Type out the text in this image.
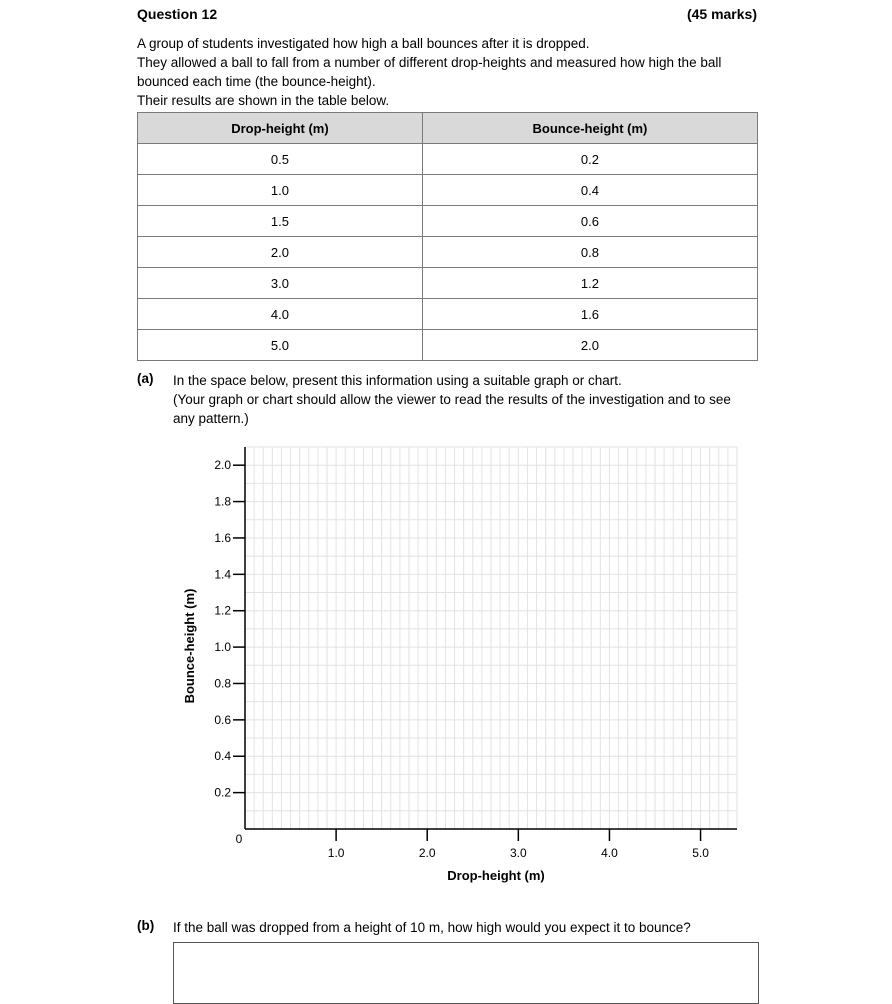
Question 12	(45 marks)

A group of students investigated how high a ball bounces after it is dropped.

They allowed a ball to fall from a number of different drop-heights and measured how high the ball bounced each time (the bounce-height).

Their results are shown in the table below.

Drop-height (m)	Bounce-height (m)
0.5	0.2
1.0	0.4
1.5	0.6
2.0	0.8
3.0	1.2
4.0	1.6
5.0	2.0
(a) In the space below, present this information using a suitable graph or chart.
(Your graph or chart should allow the viewer to read the results of the investigation and to see any pattern.)
0.2
0.4
0.6
0.8
1.0
1.2
1.4
1.6
1.8
2.0
1.0	2.0	3.0	4.0	5.0
0
Drop-height (m)
Bounce-height (m)
(b) If the ball was dropped from a height of 10 m, how high would you expect it to bounce?
